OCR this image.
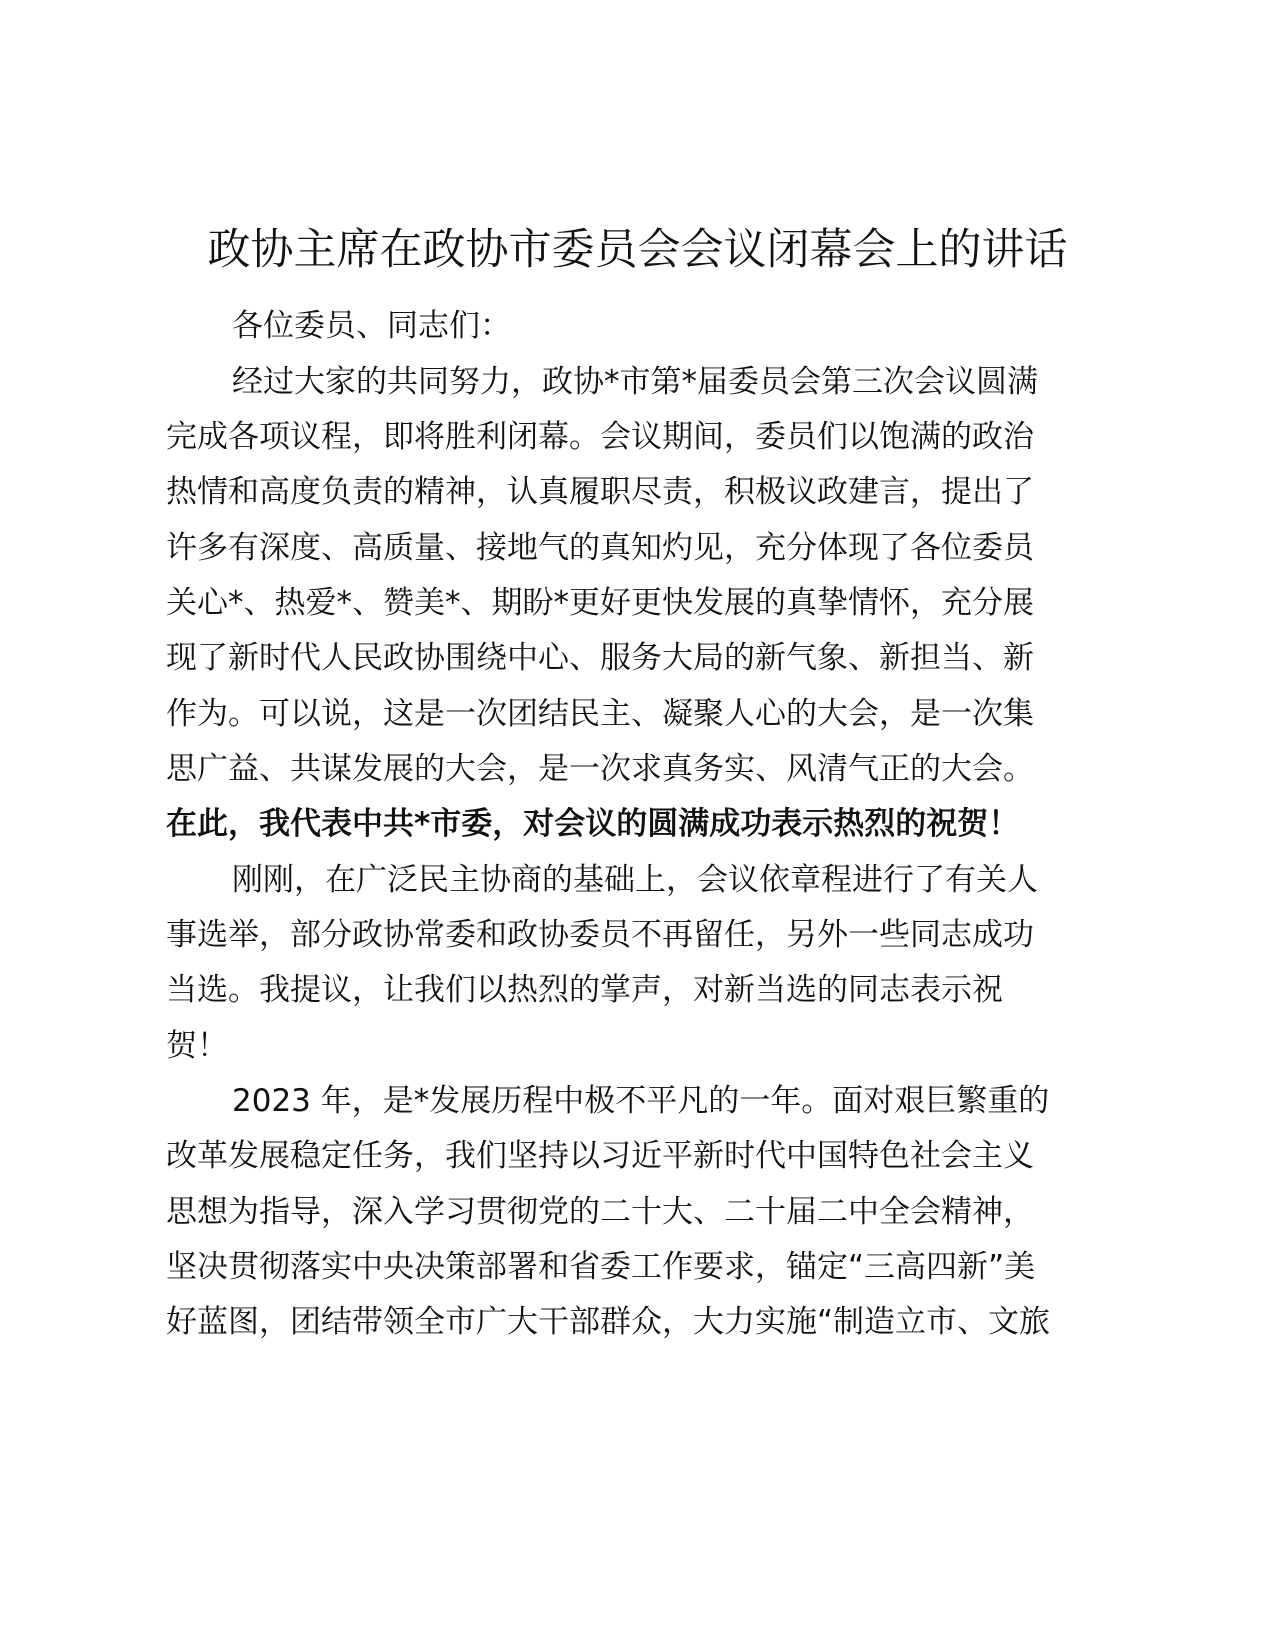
政协主席在政协市委员会会议闭幕会上的讲话
各位委员、同志们：
经过大家的共同努力，政协*市第*届委员会第三次会议圆满
完成各项议程，即将胜利闭幕。会议期间，委员们以饱满的政治
热情和高度负责的精神，认真履职尽责，积极议政建言，提出了
许多有深度、高质量、接地气的真知灼见，充分体现了各位委员
关心*、热爱*、赞美*、期盼*更好更快发展的真挚情怀，充分展
现了新时代人民政协围绕中心、服务大局的新气象、新担当、新
作为。可以说，这是一次团结民主、凝聚人心的大会，是一次集
思广益、共谋发展的大会，是一次求真务实、风清气正的大会。
在此，我代表中共*市委，对会议的圆满成功表示热烈的祝贺！
刚刚，在广泛民主协商的基础上，会议依章程进行了有关人
事选举，部分政协常委和政协委员不再留任，另外一些同志成功
当选。我提议，让我们以热烈的掌声，对新当选的同志表示祝
贺！
2023 年，是*发展历程中极不平凡的一年。面对艰巨繁重的
改革发展稳定任务，我们坚持以习近平新时代中国特色社会主义
思想为指导，深入学习贯彻党的二十大、二十届二中全会精神，
坚决贯彻落实中央决策部署和省委工作要求，锚定“三高四新”美
好蓝图，团结带领全市广大干部群众，大力实施“制造立市、文旅
